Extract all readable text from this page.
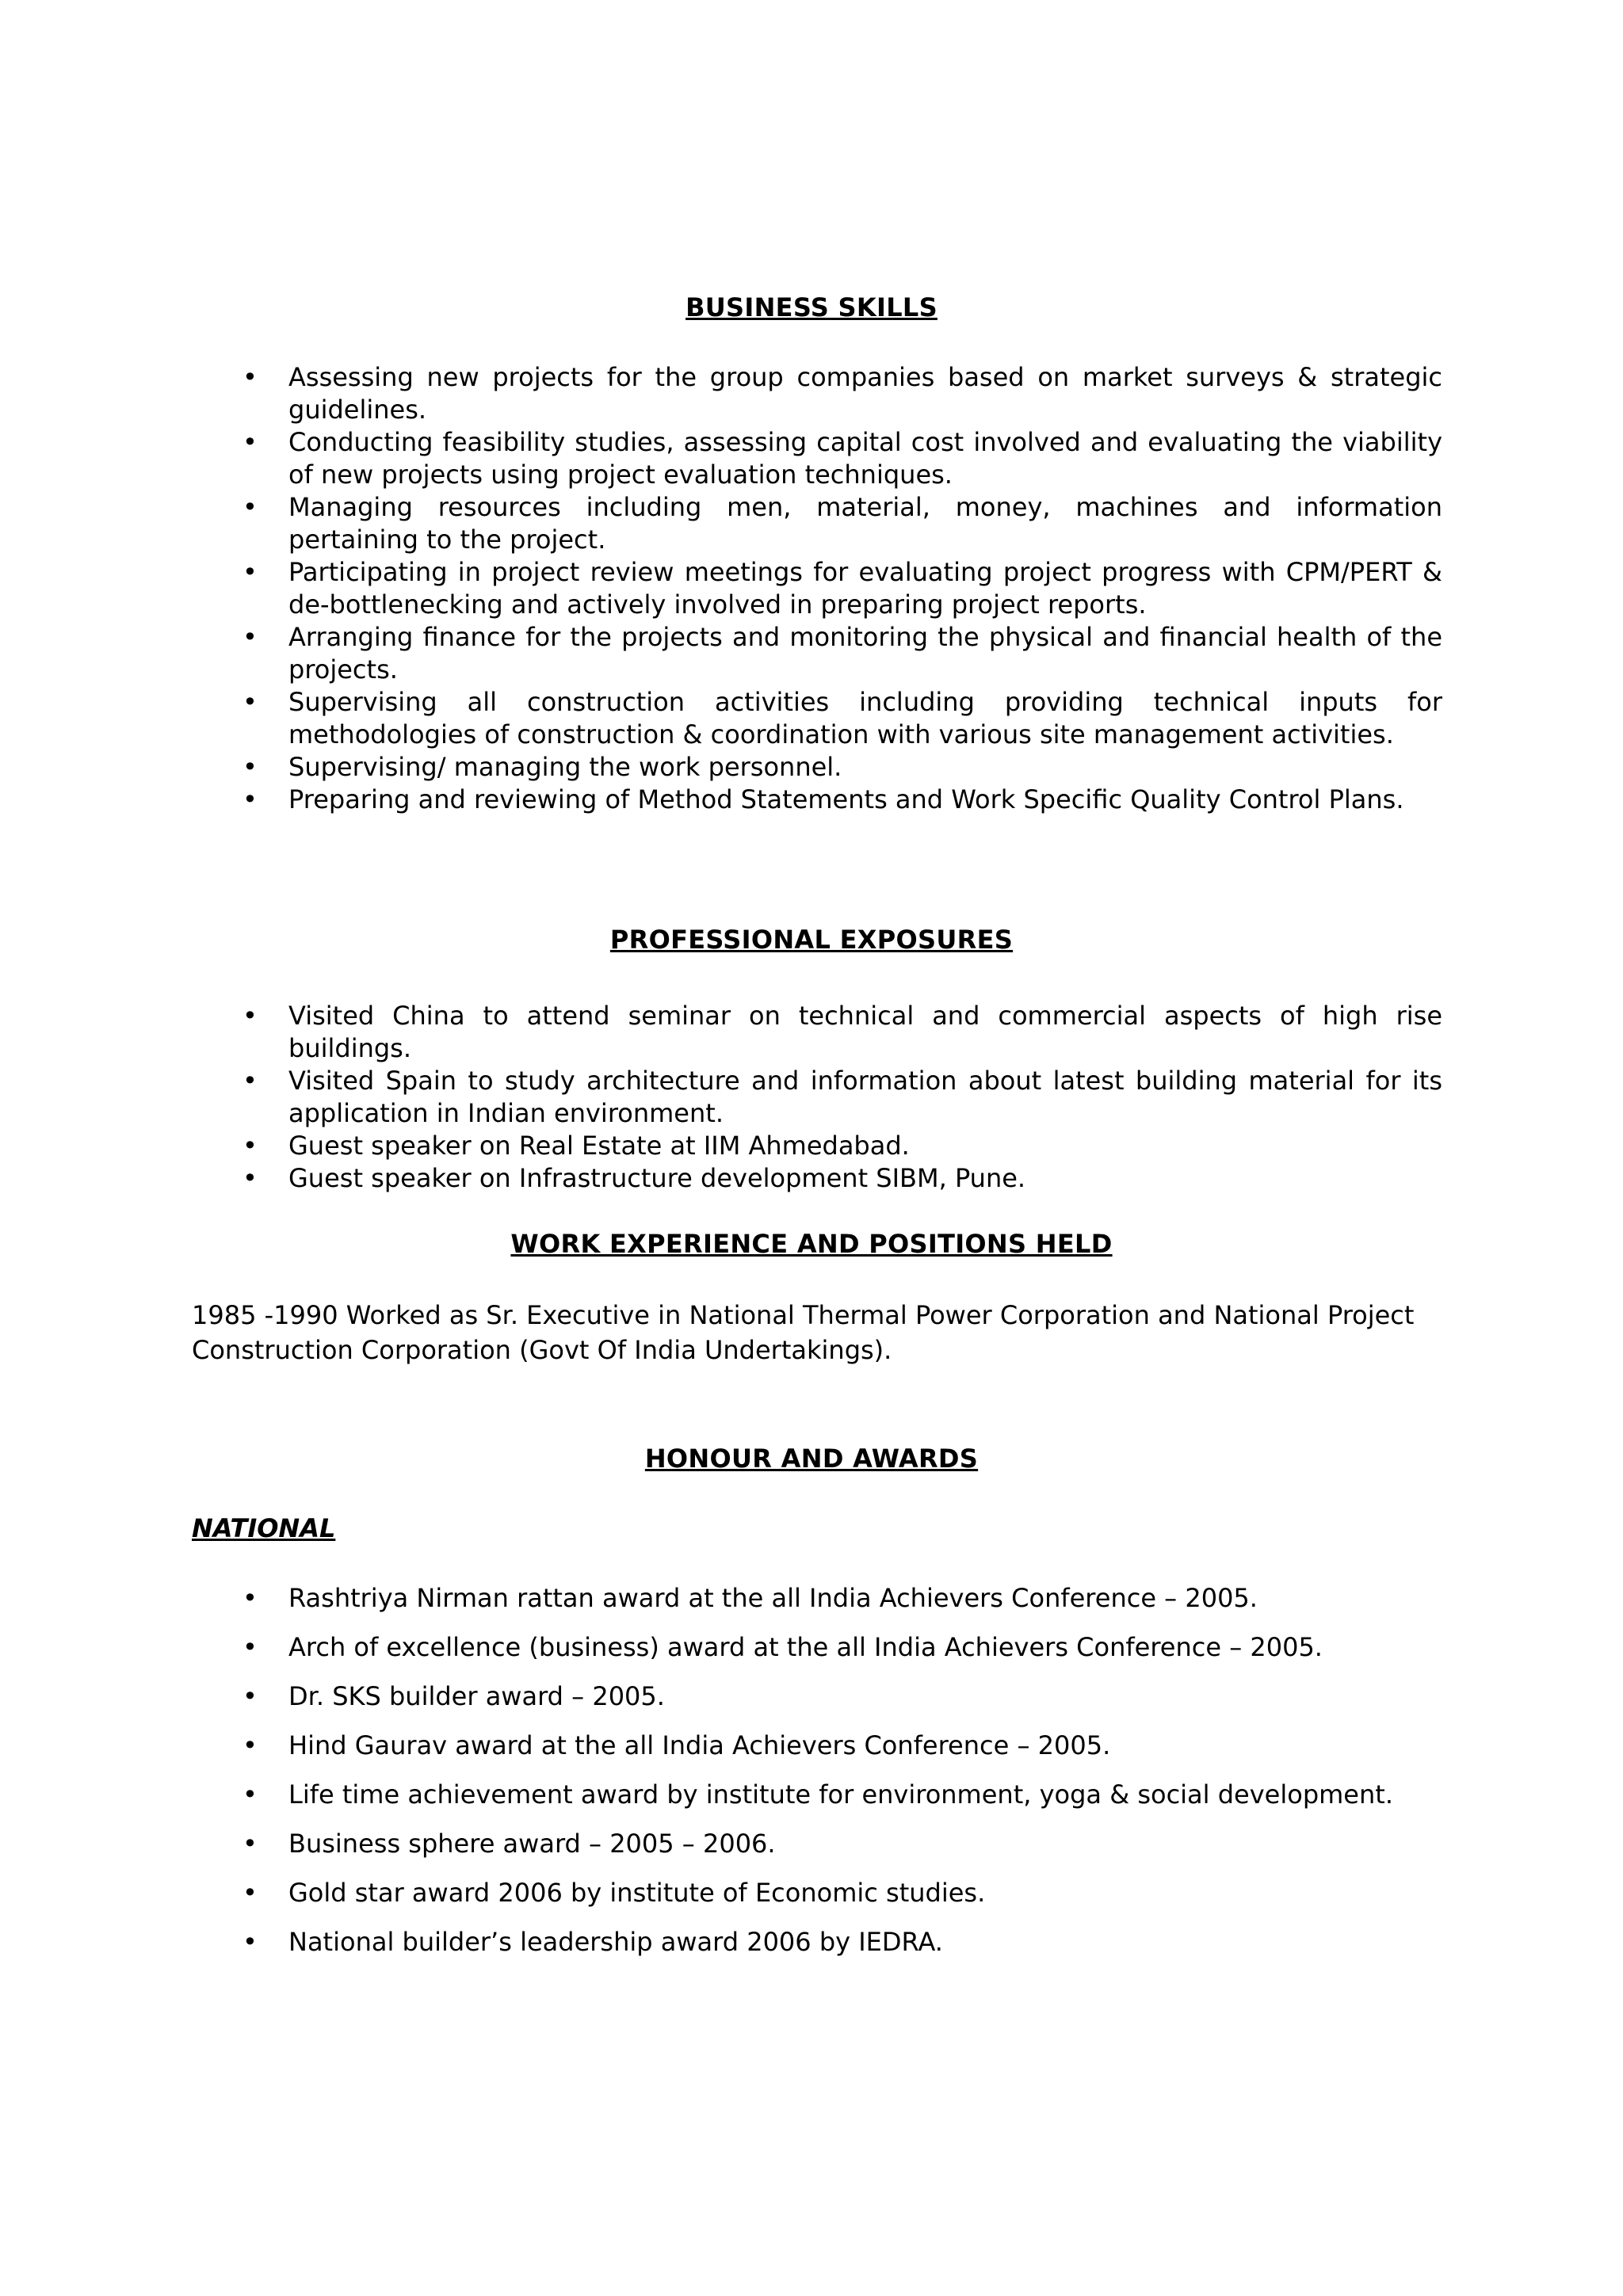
BUSINESS SKILLS
• Assessing new projects for the group companies based on market surveys & strategic guidelines.
• Conducting feasibility studies, assessing capital cost involved and evaluating the viability of new projects using project evaluation techniques.
• Managing resources including men, material, money, machines and information pertaining to the project.
• Participating in project review meetings for evaluating project progress with CPM/PERT & de-bottlenecking and actively involved in preparing project reports.
• Arranging finance for the projects and monitoring the physical and financial health of the projects.
• Supervising all construction activities including providing technical inputs for methodologies of construction & coordination with various site management activities.
• Supervising/ managing the work personnel.
• Preparing and reviewing of Method Statements and Work Specific Quality Control Plans.
PROFESSIONAL EXPOSURES
• Visited China to attend seminar on technical and commercial aspects of high rise buildings.
• Visited Spain to study architecture and information about latest building material for its application in Indian environment.
• Guest speaker on Real Estate at IIM Ahmedabad.
• Guest speaker on Infrastructure development SIBM, Pune.
WORK EXPERIENCE AND POSITIONS HELD

1985 -1990 Worked as Sr. Executive in National Thermal Power Corporation and National Project Construction Corporation (Govt Of India Undertakings).

HONOUR AND AWARDS
NATIONAL
• Rashtriya Nirman rattan award at the all India Achievers Conference – 2005.
• Arch of excellence (business) award at the all India Achievers Conference – 2005.
• Dr. SKS builder award – 2005.
• Hind Gaurav award at the all India Achievers Conference – 2005.
• Life time achievement award by institute for environment, yoga & social development.
• Business sphere award – 2005 – 2006.
• Gold star award 2006 by institute of Economic studies.
• National builder’s leadership award 2006 by IEDRA.
